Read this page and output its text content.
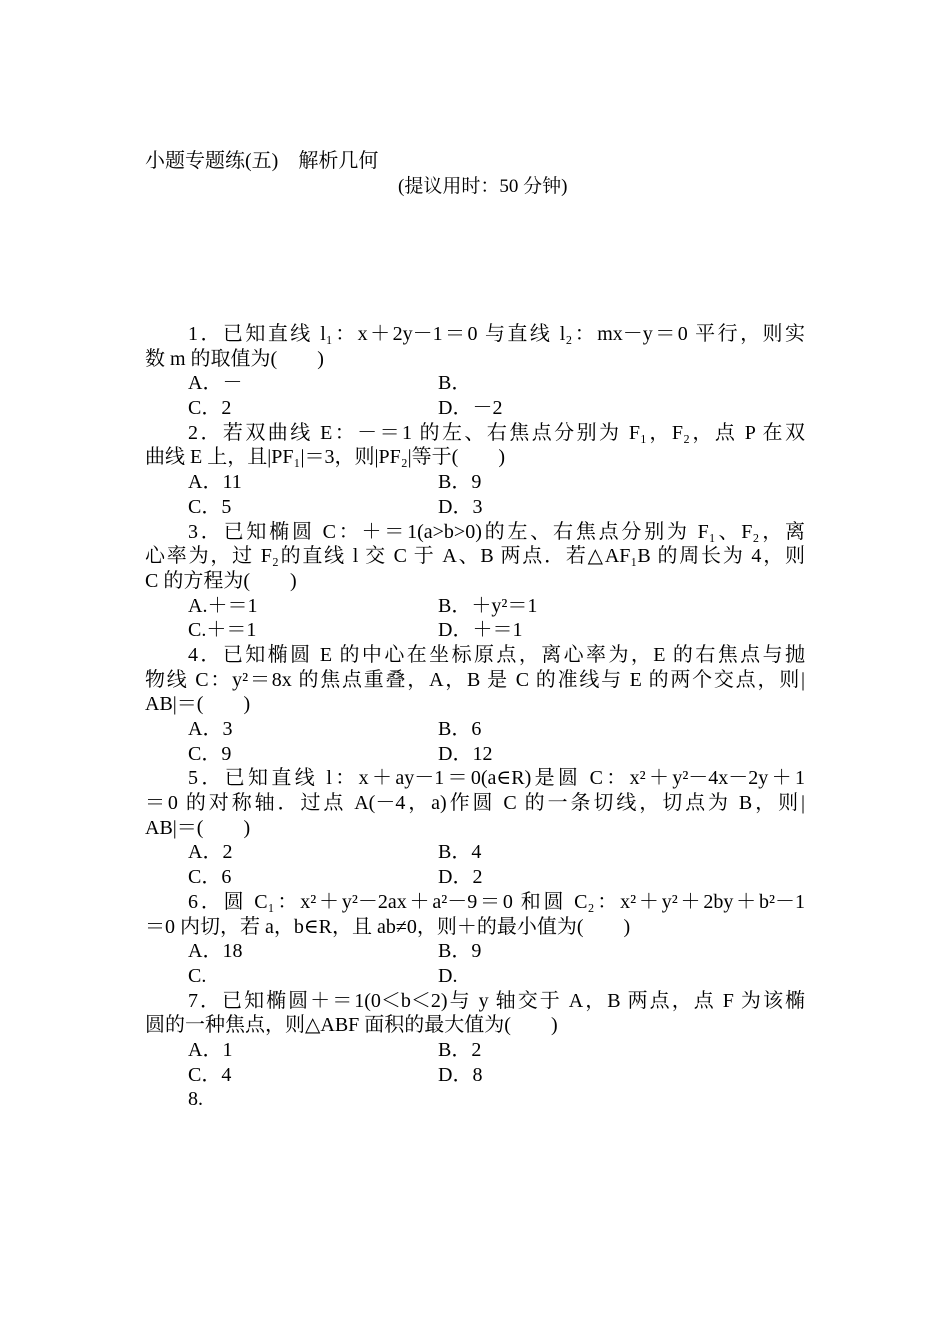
小题专题练(五)　解析几何
(提议用时：50 分钟)
1．已知直线 l₁：x＋2y－1＝0 与直线 l₂：mx－y＝0 平行，则实
数 m 的取值为(　　)
A．－	B．
C．2	D．－2
2．若双曲线 E：－＝1 的左、右焦点分别为 F₁，F₂，点 P 在双
曲线 E 上，且|PF₁|＝3，则|PF₂|等于(　　)
A．11	B．9
C．5	D．3
3．已知椭圆 C：＋＝1(a>b>0)的左、右焦点分别为 F₁、F₂，离
心率为，过 F₂的直线 l 交 C 于 A、B 两点．若△AF₁B 的周长为 4，则
C 的方程为(　　)
A.＋＝1	B．＋y²＝1
C.＋＝1	D．＋＝1
4．已知椭圆 E 的中心在坐标原点，离心率为，E 的右焦点与抛
物线 C：y²＝8x 的焦点重叠，A，B 是 C 的准线与 E 的两个交点，则|
AB|＝(　　)
A．3	B．6
C．9	D．12
5．已知直线 l：x＋ay－1＝0(a∈R)是圆 C：x²＋y²－4x－2y＋1
＝0 的对称轴．过点 A(－4，a)作圆 C 的一条切线，切点为 B，则|
AB|＝(　　)
A．2	B．4
C．6	D．2
6．圆 C₁：x²＋y²－2ax＋a²－9＝0 和圆 C₂：x²＋y²＋2by＋b²－1
＝0 内切，若 a，b∈R，且 ab≠0，则＋的最小值为(　　)
A．18	B．9
C.	D.
7．已知椭圆＋＝1(0＜b＜2)与 y 轴交于 A，B 两点，点 F 为该椭
圆的一种焦点，则△ABF 面积的最大值为(　　)
A．1	B．2
C．4	D．8
8.
